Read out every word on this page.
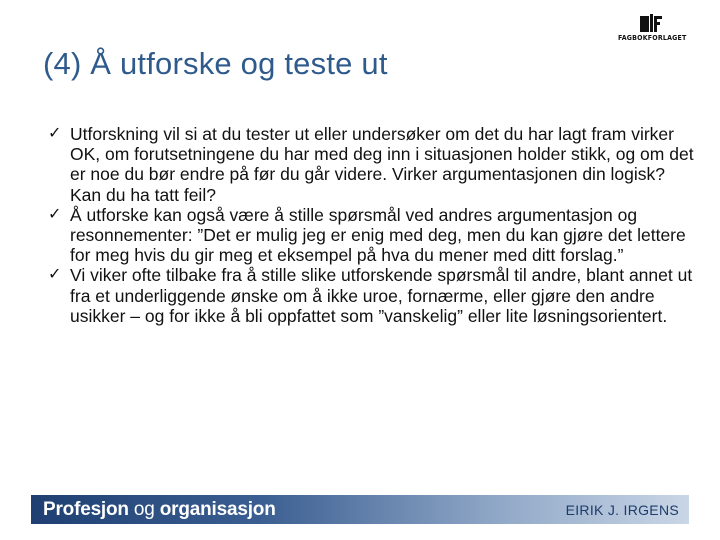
FAGBOKFORLAGET
(4) Å utforske og teste ut
✓ Utforskning vil si at du tester ut eller undersøker om det du har lagt fram virker OK, om forutsetningene du har med deg inn i situasjonen holder stikk, og om det er noe du bør endre på før du går videre. Virker argumentasjonen din logisk? Kan du ha tatt feil?
✓ Å utforske kan også være å stille spørsmål ved andres argumentasjon og resonnementer: ”Det er mulig jeg er enig med deg, men du kan gjøre det lettere for meg hvis du gir meg et eksempel på hva du mener med ditt forslag.”
✓ Vi viker ofte tilbake fra å stille slike utforskende spørsmål til andre, blant annet ut fra et underliggende ønske om å ikke uroe, fornærme, eller gjøre den andre usikker – og for ikke å bli oppfattet som ”vanskelig” eller lite løsningsorientert.
Profesjon og organisasjon	EIRIK J. IRGENS
